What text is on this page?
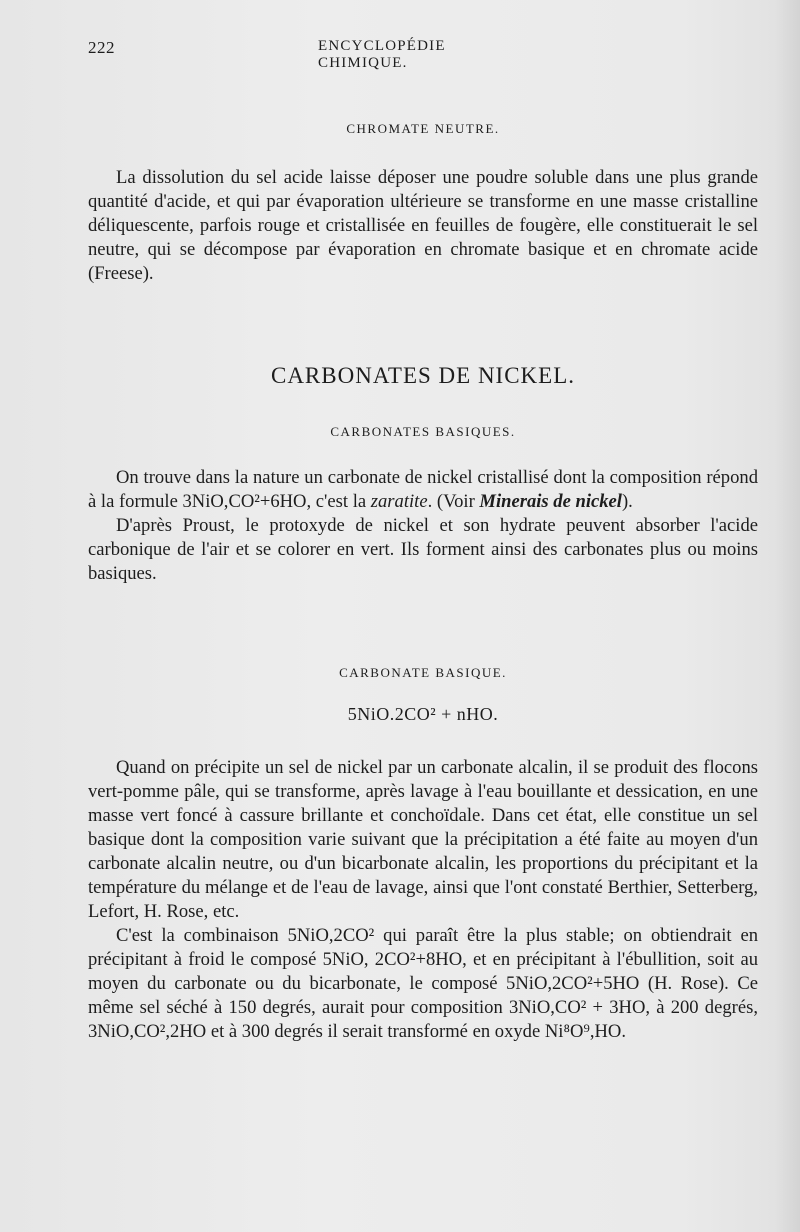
222	ENCYCLOPÉDIE CHIMIQUE.
CHROMATE NEUTRE.

La dissolution du sel acide laisse déposer une poudre soluble dans une plus grande quantité d'acide, et qui par évaporation ultérieure se transforme en une masse cristalline déliquescente, parfois rouge et cristallisée en feuilles de fougère, elle constituerait le sel neutre, qui se décompose par évaporation en chromate basique et en chromate acide (Freese).

CARBONATES DE NICKEL.
CARBONATES BASIQUES.

On trouve dans la nature un carbonate de nickel cristallisé dont la composition répond à la formule 3NiO,CO²+6HO, c'est la zaratite. (Voir Minerais de nickel).

D'après Proust, le protoxyde de nickel et son hydrate peuvent absorber l'acide carbonique de l'air et se colorer en vert. Ils forment ainsi des carbonates plus ou moins basiques.

CARBONATE BASIQUE.
5NiO.2CO² + nHO.

Quand on précipite un sel de nickel par un carbonate alcalin, il se produit des flocons vert-pomme pâle, qui se transforme, après lavage à l'eau bouillante et dessication, en une masse vert foncé à cassure brillante et conchoïdale. Dans cet état, elle constitue un sel basique dont la composition varie suivant que la précipitation a été faite au moyen d'un carbonate alcalin neutre, ou d'un bicarbonate alcalin, les proportions du précipitant et la température du mélange et de l'eau de lavage, ainsi que l'ont constaté Berthier, Setterberg, Lefort, H. Rose, etc.

C'est la combinaison 5NiO,2CO² qui paraît être la plus stable; on obtiendrait en précipitant à froid le composé 5NiO, 2CO²+8HO, et en précipitant à l'ébullition, soit au moyen du carbonate ou du bicarbonate, le composé 5NiO,2CO²+5HO (H. Rose). Ce même sel séché à 150 degrés, aurait pour composition 3NiO,CO² + 3HO, à 200 degrés, 3NiO,CO²,2HO et à 300 degrés il serait transformé en oxyde Ni⁸O⁹,HO.
